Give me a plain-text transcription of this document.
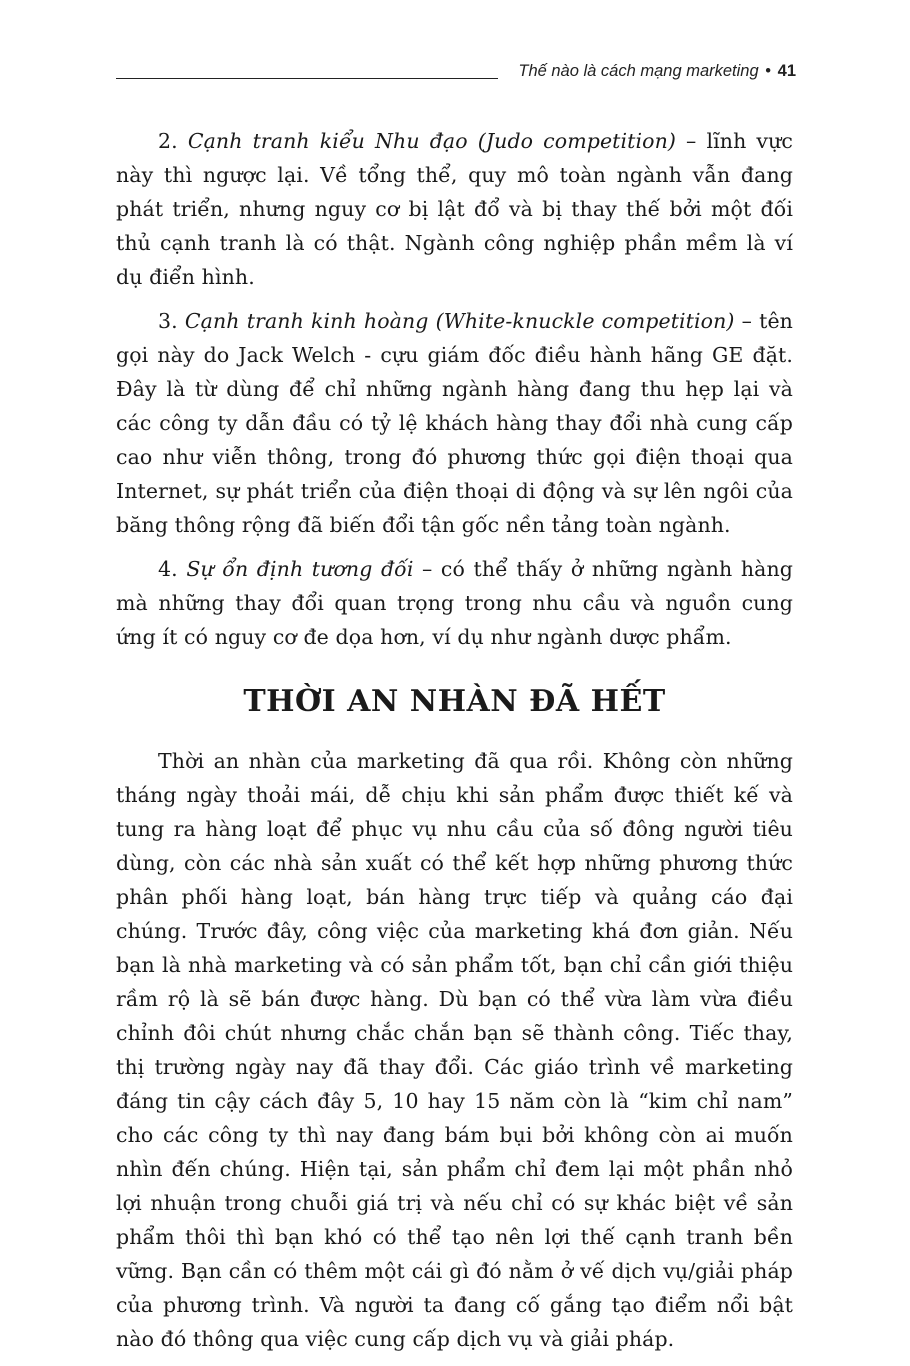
Thế nào là cách mạng marketing • 41

2. Cạnh tranh kiểu Nhu đạo (Judo competition) – lĩnh vực này thì ngược lại. Về tổng thể, quy mô toàn ngành vẫn đang phát triển, nhưng nguy cơ bị lật đổ và bị thay thế bởi một đối thủ cạnh tranh là có thật. Ngành công nghiệp phần mềm là ví dụ điển hình.

3. Cạnh tranh kinh hoàng (White-knuckle competition) – tên gọi này do Jack Welch - cựu giám đốc điều hành hãng GE đặt. Đây là từ dùng để chỉ những ngành hàng đang thu hẹp lại và các công ty dẫn đầu có tỷ lệ khách hàng thay đổi nhà cung cấp cao như viễn thông, trong đó phương thức gọi điện thoại qua Internet, sự phát triển của điện thoại di động và sự lên ngôi của băng thông rộng đã biến đổi tận gốc nền tảng toàn ngành.

4. Sự ổn định tương đối – có thể thấy ở những ngành hàng mà những thay đổi quan trọng trong nhu cầu và nguồn cung ứng ít có nguy cơ đe dọa hơn, ví dụ như ngành dược phẩm.

THỜI AN NHÀN ĐÃ HẾT

Thời an nhàn của marketing đã qua rồi. Không còn những tháng ngày thoải mái, dễ chịu khi sản phẩm được thiết kế và tung ra hàng loạt để phục vụ nhu cầu của số đông người tiêu dùng, còn các nhà sản xuất có thể kết hợp những phương thức phân phối hàng loạt, bán hàng trực tiếp và quảng cáo đại chúng. Trước đây, công việc của marketing khá đơn giản. Nếu bạn là nhà marketing và có sản phẩm tốt, bạn chỉ cần giới thiệu rầm rộ là sẽ bán được hàng. Dù bạn có thể vừa làm vừa điều chỉnh đôi chút nhưng chắc chắn bạn sẽ thành công. Tiếc thay, thị trường ngày nay đã thay đổi. Các giáo trình về marketing đáng tin cậy cách đây 5, 10 hay 15 năm còn là “kim chỉ nam” cho các công ty thì nay đang bám bụi bởi không còn ai muốn nhìn đến chúng. Hiện tại, sản phẩm chỉ đem lại một phần nhỏ lợi nhuận trong chuỗi giá trị và nếu chỉ có sự khác biệt về sản phẩm thôi thì bạn khó có thể tạo nên lợi thế cạnh tranh bền vững. Bạn cần có thêm một cái gì đó nằm ở vế dịch vụ/giải pháp của phương trình. Và người ta đang cố gắng tạo điểm nổi bật nào đó thông qua việc cung cấp dịch vụ và giải pháp.
